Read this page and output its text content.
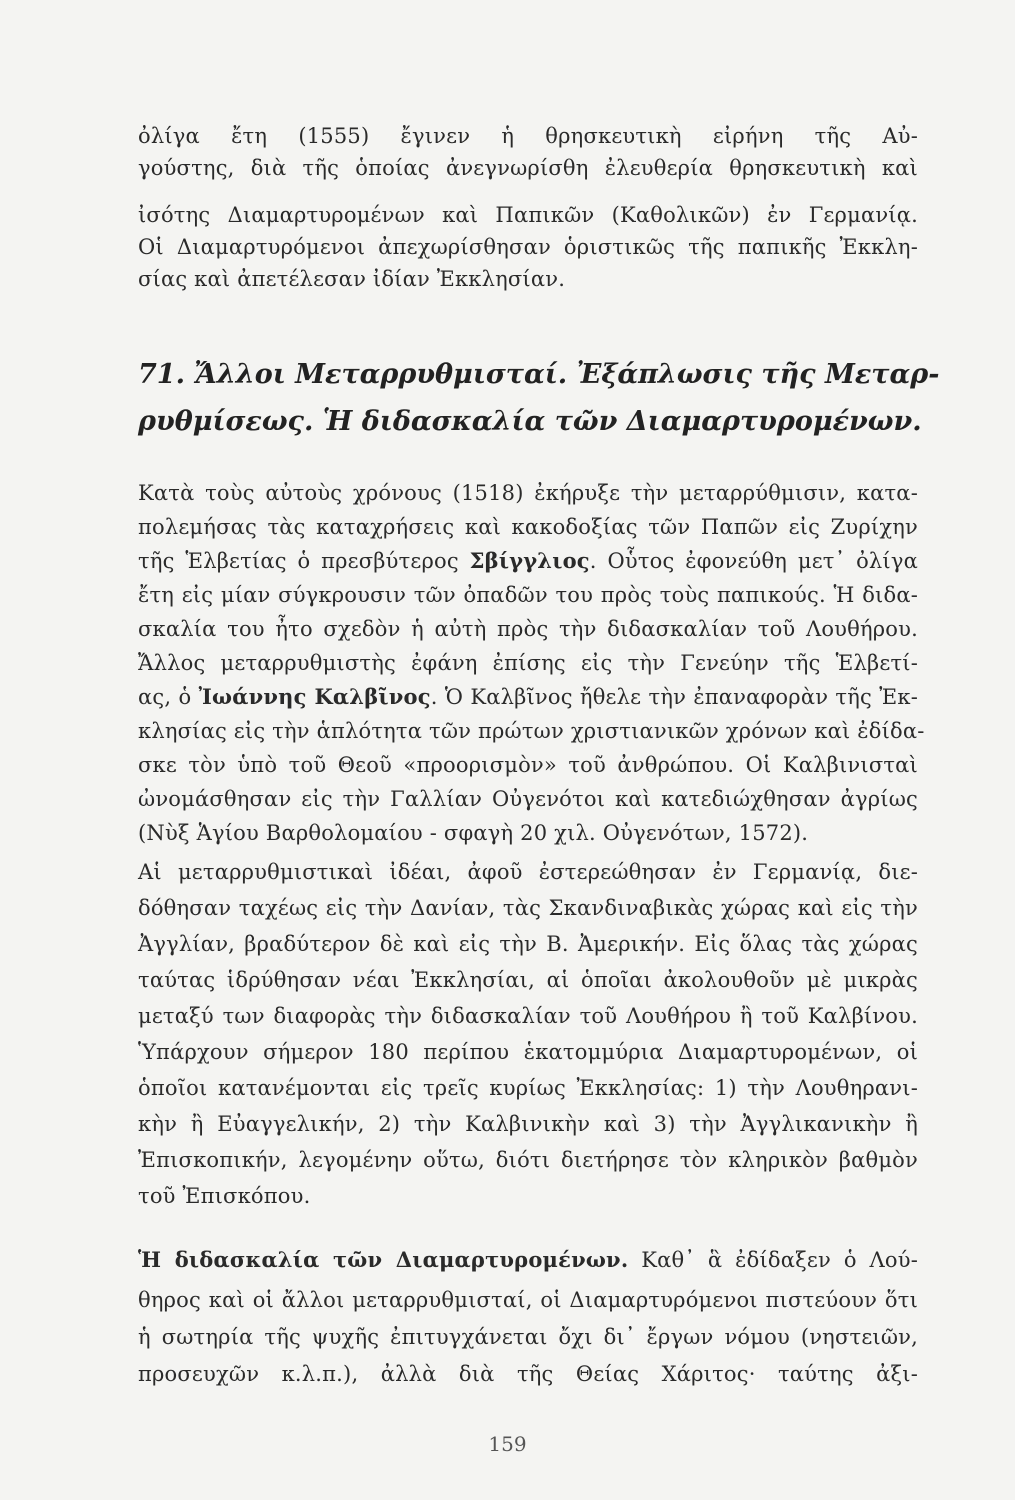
ὀλίγα ἔτη (1555) ἔγινεν ἡ θρησκευτικὴ εἰρήνη τῆς Αὐ-
γούστης, διὰ τῆς ὁποίας ἀνεγνωρίσθη ἐλευθερία θρησκευτικὴ καὶ
ἰσότης Διαμαρτυρομένων καὶ Παπικῶν (Καθολικῶν) ἐν Γερμανίᾳ.
Οἱ Διαμαρτυρόμενοι ἀπεχωρίσθησαν ὁριστικῶς τῆς παπικῆς Ἐκκλη-
σίας καὶ ἀπετέλεσαν ἰδίαν Ἐκκλησίαν.
71. Ἄλλοι Μεταρρυθμισταί. Ἐξάπλωσις τῆς Μεταρ-
ρυθμίσεως. Ἡ διδασκαλία τῶν Διαμαρτυρομένων.
Κατὰ τοὺς αὐτοὺς χρόνους (1518) ἐκήρυξε τὴν μεταρρύθμισιν, κατα-
πολεμήσας τὰς καταχρήσεις καὶ κακοδοξίας τῶν Παπῶν εἰς Ζυρίχην
τῆς Ἑλβετίας ὁ πρεσβύτερος Σβίγγλιος. Οὗτος ἐφονεύθη μετ᾽ ὀλίγα
ἔτη εἰς μίαν σύγκρουσιν τῶν ὀπαδῶν του πρὸς τοὺς παπικούς. Ἡ διδα-
σκαλία του ἦτο σχεδὸν ἡ αὐτὴ πρὸς τὴν διδασκαλίαν τοῦ Λουθήρου.
Ἄλλος μεταρρυθμιστὴς ἐφάνη ἐπίσης εἰς τὴν Γενεύην τῆς Ἑλβετί-
ας, ὁ Ἰωάννης Καλβῖνος. Ὁ Καλβῖνος ἤθελε τὴν ἐπαναφορὰν τῆς Ἐκ-
κλησίας εἰς τὴν ἁπλότητα τῶν πρώτων χριστιανικῶν χρόνων καὶ ἐδίδα-
σκε τὸν ὑπὸ τοῦ Θεοῦ «προορισμὸν» τοῦ ἀνθρώπου. Οἱ Καλβινισταὶ
ὠνομάσθησαν εἰς τὴν Γαλλίαν Οὐγενότοι καὶ κατεδιώχθησαν ἀγρίως
(Νὺξ Ἁγίου Βαρθολομαίου - σφαγὴ 20 χιλ. Οὐγενότων, 1572).
Αἱ μεταρρυθμιστικαὶ ἰδέαι, ἀφοῦ ἐστερεώθησαν ἐν Γερμανίᾳ, διε-
δόθησαν ταχέως εἰς τὴν Δανίαν, τὰς Σκανδιναβικὰς χώρας καὶ εἰς τὴν
Ἀγγλίαν, βραδύτερον δὲ καὶ εἰς τὴν Β. Ἀμερικήν. Εἰς ὅλας τὰς χώρας
ταύτας ἱδρύθησαν νέαι Ἐκκλησίαι, αἱ ὁποῖαι ἀκολουθοῦν μὲ μικρὰς
μεταξύ των διαφορὰς τὴν διδασκαλίαν τοῦ Λουθήρου ἢ τοῦ Καλβίνου.
Ὑπάρχουν σήμερον 180 περίπου ἑκατομμύρια Διαμαρτυρομένων, οἱ
ὁποῖοι κατανέμονται εἰς τρεῖς κυρίως Ἐκκλησίας: 1) τὴν Λουθηρανι-
κὴν ἢ Εὐαγγελικήν, 2) τὴν Καλβινικὴν καὶ 3) τὴν Ἀγγλικανικὴν ἢ
Ἐπισκοπικήν, λεγομένην οὕτω, διότι διετήρησε τὸν κληρικὸν βαθμὸν
τοῦ Ἐπισκόπου.
Ἡ διδασκαλία τῶν Διαμαρτυρομένων. Καθ᾽ ἃ ἐδίδαξεν ὁ Λού-
θηρος καὶ οἱ ἄλλοι μεταρρυθμισταί, οἱ Διαμαρτυρόμενοι πιστεύουν ὅτι
ἡ σωτηρία τῆς ψυχῆς ἐπιτυγχάνεται ὄχι δι᾽ ἔργων νόμου (νηστειῶν,
προσευχῶν κ.λ.π.), ἀλλὰ διὰ τῆς Θείας Χάριτος· ταύτης ἀξι-
159
